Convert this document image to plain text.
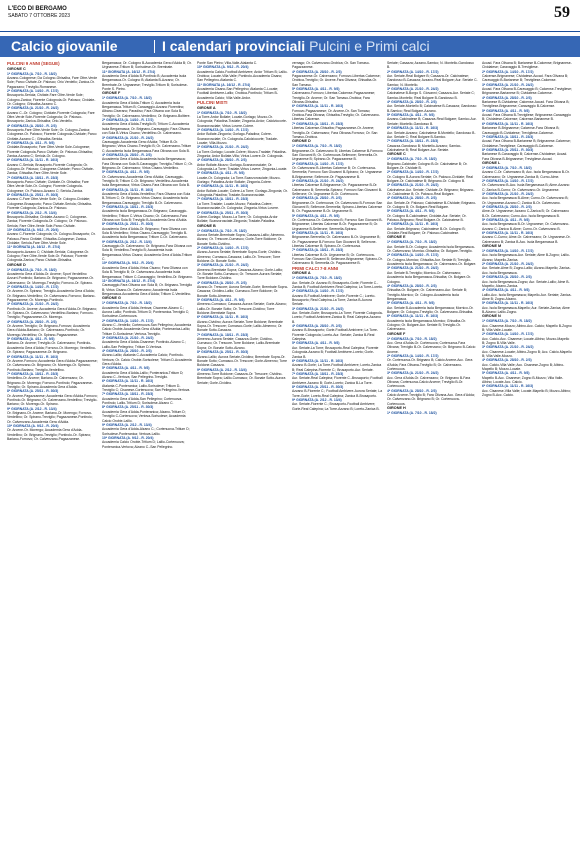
L'ECO DI BERGAMO
SABATO 7 OTTOBRE 2023	59
Calcio giovanile	I calendari provinciali Pulcini e Primi calci

PULCINI 9 ANNI (SEGUE)

GIRONE C

1ª GIORNATA (A. 7/10 - R. 18/2)

Azzano-Colognese; Da Cologno-Ghisalba, Fare Oltre-Verde Sole; Parco Civitate-Or. Palosco; Orio Verdello; Zanica-Or. Pagazzano; Treviglio-Romanese.

2ª GIORNATA (A. 14/10 - R. 17/2)

Brusaporto-Seriola; Civitate-Fare Oltre-Verde Sole; Cologno-Zanica; Fiorente Colognola-Or. Palosco; Cividate-Or. Cologno; Ghisalba-Azzano C.

3ª GIORNATA (A. 21/10 - R. 24/2)

Azzano C.-Or. Cologno; Cividate-Fiorente Colognola; Fare Oltre-Verde Sole-Fiorente Colognola; Or. Palosco-Brusaporto; Zanica-Ghisalba; Orio-Verdello.

4ª GIORNATA (A. 28/10 - R. 2/3)

Brusaporto-Fare Oltre-Verde Sole; Or. Cologno-Zanica; Colognese-Or. Palosco; Fiorente Colognola-Cividate; Parco Civitate-Azzano C.; Ghisalba-Seriola.

5ª GIORNATA (A. 4/11 - R. 9/3)

Cividate-Brusaporto; Fare Oltre-Verde Sole-Colognese; Fiorente Colognola-Parco Civitate; Or. Palosco-Ghisalba; Zanica-Azzano C; Seriola-Or. Cologno.

6ª GIORNATA (A. 11/11 - R. 16/3)

Azzano C-Seriola; Brusaporto-Fiorente Colognola; Or. Cologno-Or. Palosco; Colognese-Cividate; Parco Civitate-Zanica; Ghisalba-Fare Oltre-Verde Sole.

7ª GIORNATA (A. 18/11 - R. 23/3)

Brusaporto-Parco Civitate; Cividate-Or. Ghisalba; Fare Oltre-Verde Sole-Or. Cologno; Fiorente Colognola-Colognese; Or. Palosco-Azzano C; Seriola-Zanica.

8ª GIORNATA (A. 25/11 - R. 30/3)

Azzano C-Fare Oltre-Verde Sole; Or. Cologno-Cividate; Colognese-Brusaporto; Parco Civitate-Seriola; Ghisalba-Fiorente Colognola; Zanica-Or. Palosco.

9ª GIORNATA (A. 2/12 - R. 13/4)

Brusaporto-Ghisalba; Cividate-Azzano C; Colognese-Zanica; Fiorente Colognola-Or. Cologno; Or. Palosco-Seriola; Fare Oltre-Verde Sole-Parco Civitate.

10ª GIORNATA (A. 9/12 - R. 20/4)

Azzano C-Fiorente Colognola; Or. Cologno-Brusaporto; Or. Palosco-Parco Civitate; Ghisalba-Colognese; Zanica-Cividate; Seriola-Fare Oltre-Verde Sole.

11ª GIORNATA (A. 16/12 - R. 27/4)

Brusaporto-Azzano C; Cividate-Seriola; Colognese-Or. Cologno; Fare Oltre-Verde Sole-Or. Palosco; Fiorente Colognola-Zanica; Parco Civitate-Ghisalba.

GIRONE D

1ª GIORNATA (A. 7/10 - R. 18/2)

Accademia Gera d'Adda-Or. Arcene; Sport Verdellino Azzurri-Pontirolo; Bariano-Or. Brignano; Pagazzanese-Or. Calvenzano; Or. Morengo-Treviglio; Fornovo-Or. Spirano.

2ª GIORNATA (A. 14/10 - R. 17/2)

Or. Arcene-Or. Spirano; Treviglio-Accademia Gera d'Adda; Or. Brignano-Verdellino; Or. Calvenzano-Fornovo; Bariano-Pagazzanese; Or. Morengo-Pontirolo.

3ª GIORNATA (A. 21/10 - R. 24/2)

Pontirolo-Or. Arcene; Accademia Gera d'Adda-Or. Brignano; Or. Spirano-Or. Calvenzano; Verdellino-Bariano; Fornovo-Treviglio; Pagazzanese-Or. Morengo.

4ª GIORNATA (A. 28/10 - R. 2/3)

Or. Arcene-Treviglio; Or. Brignano-Fornovo; Accademia Gera d'Adda-Bariano; Or. Calvenzano-Pontirolo; Or. Morengo-Verdellino; Or. Spirano-Pagazzanese.

5ª GIORNATA (A. 4/11 - R. 9/3)

Bariano-Or. Arcene; Treviglio-Or. Calvenzano; Pontirolo-Accademia Gera d'Adda; Fornovo-Or. Morengo; Verdellino-Or. Spirano; Pagazzanese-Or. Brignano.

6ª GIORNATA (A. 11/11 - R. 16/3)

Or. Arcene-Fornovo; Accademia Gera d'Adda-Pagazzanese; Or. Calvenzano-Or. Brignano; Or. Morengo-Or. Spirano; Pontirolo-Bariano; Treviglio-Verdellino.

7ª GIORNATA (A. 18/11 - R. 23/3)

Verdellino-Or. Arcene; Bariano-Or. Calvenzano; Or. Brignano-Or. Morengo; Fornovo-Pontirolo; Pagazzanese-Treviglio; Or. Spirano-Accademia Gera d'Adda.

8ª GIORNATA (A. 25/11 - R. 30/3)

Or. Arcene-Pagazzanese; Accademia Gera d'Adda-Fornovo; Pontirolo-Or. Brignano; Or. Calvenzano-Verdellino; Treviglio-Bariano; Or. Morengo-Or. Spirano.

9ª GIORNATA (A. 2/12 - R. 13/4)

Or. Brignano-Or. Arcene; Bariano-Or. Morengo; Fornovo-Verdellino; Or. Spirano-Treviglio; Pagazzanese-Pontirolo; Or. Calvenzano-Accademia Gera d'Adda.

10ª GIORNATA (A. 9/12 - R. 20/4)

Or. Arcene-Or. Morengo; Accademia Gera d'Adda-Verdellino; Or. Brignano-Treviglio; Pontirolo-Or. Spirano; Bariano-Fornovo; Or. Calvenzano-Pagazzanese.

Bergamasca; Or. Cologno B-Accademia Gera d'Adda B; Or. Urgnanese-Tritium B; Sorisolese-Or. Brembate.

11ª GIORNATA (A. 16/12 - R. 27/4)

Accademia Gera d'Adda B-Pontirolo B; Accademia Isola Bergamasca-Or. Cologno B; Atalanta B-Azzano; Or. Brembate-Or. Urgnanese; Treviglio-Tritium B; Sorisolese-Ponte S. Pietro.

GIRONE F

1ª GIORNATA (A. 7/10 - R. 18/2)

Accademia Gera d'Adda-Tritium C; Accademia Isola Bergamasca-Tritium B; Caravaggio-Azzano Fiorentino; Albano-Ciserano; Paradiso; Fara Olivana con Sola B-Treviglio; Or. Calvenzano-Verdellino; Or. Brignano-Boltiere.

2ª GIORNATA (A. 14/10 - R. 17/2)

Accademia Gera d'Adda-Treviglio B; Tritium C-Accademia Isola Bergamasca; Or. Brignano-Caravaggio; Fara Olivana con Sola B-Virtus Cisano; Verdellino-Or. Calvenzano.

3ª GIORNATA (A. 21/10 - R. 24/2)

Caravaggio-Accademia Gera d'Adda; Tritium B-Or. Brignano; Virtus Cisano-Treviglio B; Or. Calvenzano-Tritium C; Accademia Isola Bergamasca-Fara Olivana con Sola B.

4ª GIORNATA (A. 28/10 - R. 2/3)

Accademia Gera d'Adda-Accademia Isola Bergamasca; Fara Olivana con Sola B-Caravaggio; Treviglio-Tritium C; Or. Brignano-Or. Calvenzano; Virtus Cisano-Verdellino.

5ª GIORNATA (A. 4/11 - R. 9/3)

Or. Calvenzano-Accademia Gera d'Adda; Caravaggio-Treviglio B; Tritium C-Or. Brignano; Verdellino-Accademia Isola Bergamasca; Virtus Cisano-Fara Olivana con Sola B.

6ª GIORNATA (A. 11/11 - R. 16/3)

Accademia Gera d'Adda-Verdellino; Fara Olivana con Sola B-Tritium C; Or. Brignano-Virtus Cisano; Accademia Isola Bergamasca-Caravaggio; Treviglio B-Or. Calvenzano.

7ª GIORNATA (A. 18/11 - R. 23/3)

Accademia Isola Bergamasca-Or. Brignano; Caravaggio-Verdellino; Tritium C-Virtus Cisano; Or. Calvenzano-Fara Olivana con Sola B; Treviglio B-Accademia Gera d'Adda.

8ª GIORNATA (A. 25/11 - R. 30/3)

Accademia Gera d'Adda-Or. Brignano; Fara Olivana con Sola B-Verdellino; Virtus Cisano-Caravaggio; Treviglio B-Accademia Isola Bergamasca; Tritium C-Or. Calvenzano.

9ª GIORNATA (A. 2/12 - R. 13/4)

Caravaggio-Or. Calvenzano; Or. Brignano-Fara Olivana con Sola B; Verdellino-Treviglio B; Accademia Isola Bergamasca-Virtus Cisano; Accademia Gera d'Adda-Tritium C.

10ª GIORNATA (A. 9/12 - R. 20/4)

Accademia Gera d'Adda-Virtus Cisano; Fara Olivana con Sola B-Treviglio B; Or. Calvenzano-Accademia Isola Bergamasca; Tritium C-Caravaggio; Verdellino-Or. Brignano.

11ª GIORNATA (A. 16/12 - R. 27/4)

Caravaggio-Fara Olivana con Sola B; Or. Brignano-Treviglio B; Virtus Cisano-Or. Calvenzano; Accademia Isola Bergamasca-Accademia Gera d'Adda; Tritium C-Verdellino.

GIRONE G

1ª GIORNATA (A. 7/10 - R. 18/2)

Accademia Gera d'Adda-Vertova; Cisanese-Alzano C.; Aurora Lallio; Pontirolo-Tritium D; Ponteranica-Treviglio C; Sorisolese-Cortenuova.

2ª GIORNATA (A. 14/10 - R. 17/2)

Alzano C.-Verdello; Cortenuova-San Pellegrino; Accademia Calcio Orobie-Accademia Gera d'Adda; Ponteranica-Lallio; Tritium D-Sorisolese; Vertova-Treviglio.

3ª GIORNATA (A. 21/10 - R. 24/2)

Accademia Gera d'Adda-Cisanese; Pontirolo-Alzano C.; Lallio-San Pellegrino; Tritium D-Vertova.

4ª GIORNATA (A. 28/10 - R. 2/3)

Alzano-Lallio; Atalanta C-Accademia Calcio; Pontirolo-Vertova; Or. Calcio Orobie-Sorisolese; Tritium D-Accademia Gera d'Adda.

5ª GIORNATA (A. 4/11 - R. 9/3)

Accademia Gera d'Adda-Lallio; Ponteranica-Tritium D; Alzano C.-Vertova; San Pellegrino-Treviglio.

6ª GIORNATA (A. 11/11 - R. 16/3)

Atalanta C-Ponteranica; Lallio-Sorisolese; Tritium D-Treviglio C; Cisanese-Cortenuova; San Pellegrino-Vertova.

7ª GIORNATA (A. 18/11 - R. 23/3)

Accademia Gera d'Adda-San Pellegrino; Cortenuova-Pontirolo; Lallio-Tritium D; Sorisolese-Alzano C.

8ª GIORNATA (A. 25/11 - R. 30/3)

Accademia Gera d'Adda-Ponteranica; Alzano-Tritium D; Treviglio C-Cortenuova; Vertova-Sorisolese; Accademia Calcio Orobie-Lallio.

9ª GIORNATA (A. 2/12 - R. 13/4)

Accademia Gera d'Adda-Alzano C.; Cortenuova-Tritium D; Sorisolese-Ponteranica; Vertova-Lallio.

10ª GIORNATA (A. 9/12 - R. 20/4)

Accademia Calcio Orobie-Tritium D; Lallio-Cortenuova; Ponteranica-Vertova; Alzano C.-San Pellegrino.

Ponte San Pietro; Villa-Valle-Atalanta C.

10ª GIORNATA (A. 9/12 - R. 20/4)

Accademia Calcio-Football Ambivere; Ardor Tritium B; Lallio-Orobica; Locate-Villa Valle; Pontirolo-Accademia Cisano; San Pellegrino-Atalanta C.

11ª GIORNATA (A. 16/12 - R. 27/4)

Accademia Cisano-San Pellegrino; Atalanta C-Locate; Football Ambivere-Lallio; Orobica-Pontirolo; Tritium B-Accademia Calcio; Villa Valle-Ardor.

PULCINI MISTI

GIRONE A

1ª GIORNATA (A. 7/10 - R. 18/2)

La Torre-Ardor Bollate; Locate-Gorlago; Mozzo-Or. Colognola; Paladina-Tradate; Zingonia-Ardor; Calolziocorte-Scanzorosciate; Virtus Lovere-Colere.

2ª GIORNATA (A. 14/10 - R. 17/2)

Ardor Bollate-Zingonia; Gorlago-Paladina; Colere-Scanzorosciate; Or. Colognola-Calolziocorte; Tradate-Locate; Villa-Mozzo.

3ª GIORNATA (A. 21/10 - R. 24/2)

La Torre-Gorlago; Locate-Colere; Mozzo-Tradate; Paladina-Zingonia; Ardor Bollate-Villa; Virtus Lovere-Or. Colognola.

4ª GIORNATA (A. 28/10 - R. 2/3)

Ardor Bollate-Mozzo; Gorlago-Scanzorosciate; Or. Colognola-La Torre; Tradate-Virtus Lovere; Zingonia-Locate.

5ª GIORNATA (A. 4/11 - R. 9/3)

Locate-Or. Colognola; La Torre-Scanzorosciate; Mozzo-Gorlago; Paladina-Ardor Bollate; Zingonia-Colere.

6ª GIORNATA (A. 11/11 - R. 16/3)

Ardor Bollate-Locate; Colere-La Torre; Gorlago-Zingonia; Or. Colognola-Paladina; Tradate-Scanzorosciate.

7ª GIORNATA (A. 18/11 - R. 23/3)

La Torre-Tradate; Locate-Mozzo; Paladina-Colere; Scanzorosciate-Or. Colognola; Zingonia-Virtus Lovere.

8ª GIORNATA (A. 25/11 - R. 30/3)

Colere-Gorlago; Mozzo-La Torre; Or. Colognola-Ardor Bollate; Scanzorosciate-Zingonia; Tradate-Paladina.

GIRONE B

1ª GIORNATA (A. 7/10 - R. 18/2)

Aurora Seriate-Brembate Sopra; Casazza-Lallio; Almenno-Alzano; Or. Trescore-Curnasco; Gorle-Torre Boldone; Or. Bonate Sotto-Cividino.

2ª GIORNATA (A. 14/10 - R. 17/2)

Alzano-Aurora Seriate; Brembate Sopra-Gorle; Cividino-Almenno; Curnasco-Casazza; Lallio-Or. Trescore; Torre Boldone-Or. Bonate Sotto.

3ª GIORNATA (A. 21/10 - R. 24/2)

Almenno-Brembate Sopra; Casazza-Alzano; Gorle-Lallio; Or. Bonate Sotto-Curnasco; Or. Trescore-Aurora Seriate; Torre Boldone-Cividino.

4ª GIORNATA (A. 28/10 - R. 2/3)

Alzano-Or. Trescore; Aurora Seriate-Gorle; Brembate Sopra-Casazza; Cividino-Lallio; Curnasco-Torre Boldone; Or. Bonate Sotto-Almenno.

5ª GIORNATA (A. 4/11 - R. 9/3)

Almenno-Curnasco; Casazza-Aurora Seriate; Gorle-Alzano; Lallio-Or. Bonate Sotto; Or. Trescore-Cividino; Torre Boldone-Brembate Sopra.

6ª GIORNATA (A. 11/11 - R. 16/3)

Alzano-Cividino; Aurora Seriate-Torre Boldone; Brembate Sopra-Or. Trescore; Curnasco-Gorle; Lallio-Almenno; Or. Bonate Sotto-Casazza.

7ª GIORNATA (A. 18/11 - R. 23/3)

Almenno-Aurora Seriate; Casazza-Gorle; Cividino-Curnasco; Or. Trescore-Torre Boldone; Lallio-Brembate Sopra; Or. Bonate Sotto-Alzano.

8ª GIORNATA (A. 25/11 - R. 30/3)

Alzano-Lallio; Aurora Seriate-Cividino; Brembate Sopra-Or. Bonate Sotto; Curnasco-Or. Trescore; Gorle-Almenno; Torre Boldone-Casazza.

9ª GIORNATA (A. 2/12 - R. 13/4)

Almenno-Torre Boldone; Casazza-Or. Trescore; Cividino-Brembate Sopra; Lallio-Curnasco; Or. Bonate Sotto-Aurora Seriate; Gorle-Cividino.

vernago; Or. Calvenzano-Orobica; Or. San Tomaso-Pagazzanese.

4ª GIORNATA (A. 28/10 - R. 2/3)

Pagazzanese-Or. Calvenzano; Fornovo-Libertas Calcense; Orobica-Treviglio; Or. Arcene-Fara Olivana; Ghisalba-Or. San Tomaso.

5ª GIORNATA (A. 4/11 - R. 9/3)

Calvenzano-Fornovo; Libertas Calcense-Pagazzanese; Treviglio-Or. Arcene; Or. San Tomaso-Orobica; Fara Olivana-Ghisalba.

6ª GIORNATA (A. 11/11 - R. 16/3)

Fornovo-Pagazzanese; Or. Arcene-Or. San Tomaso; Orobica-Fara Olivana; Ghisalba-Treviglio; Or. Calvenzano-Libertas Calcense.

7ª GIORNATA (A. 18/11 - R. 23/3)

Libertas Calcense-Ghisalba; Pagazzanese-Or. Arcene; Treviglio-Or. Calvenzano; Fara Olivana-Fornovo; Or. San Tomaso-Orobica.

GIRONE D

1ª GIORNATA (A. 7/10 - R. 18/2)

Brignanese-Or. Calvenzano B; Libertas Calcense B-Fornovo San Giovanni B; Or. Cortenuova-Sellerone; Serenella-Or. Urgnanese B; Spirano-Or. Pagazzanese B.

2ª GIORNATA (A. 14/10 - R. 17/2)

Or. Calvenzano B-Libertas Calcense B; Or. Cortenuova-Serenella; Fornovo San Giovanni B-Spirano; Or. Urgnanese B-Brignanese; Sellerone-Or. Pagazzanese B.

3ª GIORNATA (A. 21/10 - R. 24/2)

Libertas Calcense B-Brignanese; Or. Pagazzanese B-Or. Calvenzano B; Serenella-Spirano; Fornovo San Giovanni B-Sellerone; Or. Urgnanese B-Or. Cortenuova.

4ª GIORNATA (A. 28/10 - R. 2/3)

Brignanese-Or. Cortenuova; Or. Calvenzano B-Fornovo San Giovanni B; Sellerone-Serenella; Spirano-Libertas Calcense B; Or. Pagazzanese B-Or. Urgnanese B.

5ª GIORNATA (A. 4/11 - R. 9/3)

Or. Cortenuova-Or. Calvenzano B; Fornovo San Giovanni B-Brignanese; Libertas Calcense B-Or. Pagazzanese B; Or. Urgnanese B-Sellerone; Serenella-Spirano.

6ª GIORNATA (A. 11/11 - R. 16/3)

Brignanese-Serenella; Or. Calvenzano B-Or. Urgnanese B; Or. Pagazzanese B-Fornovo San Giovanni B; Sellerone-Libertas Calcense B; Spirano-Or. Cortenuova.

7ª GIORNATA (A. 18/11 - R. 23/3)

Libertas Calcense B-Or. Urgnanese B; Or. Cortenuova-Fornovo San Giovanni B; Sellerone-Brignanese; Spirano-Or. Calvenzano B; Serenella-Or. Pagazzanese B.

PRIMI CALCI 7-8 ANNI

GIRONE A

1ª GIORNATA (A. 7/10 - R. 18/2)

Aur. Seriate-Or. Azzano B; Brusaporto-Gorle; Fiorente C.-Zanica B; Football Ambivere-Real Calepina; La Torre-Loreto.

2ª GIORNATA (A. 14/10 - R. 17/2)

Azzano B-Football Ambivere; Gorle-Fiorente C.; Loreto-Brusaporto; Real Calepina-La Torre; Zanica B-Aurora Seriate.

3ª GIORNATA (A. 21/10 - R. 24/2)

Aur. Seriate-Gorle; Brusaporto-La Torre; Fiorente Colognola-Loreto; Football Ambivere-Zanica B; Real Calepina-Azzano B.

4ª GIORNATA (A. 28/10 - R. 2/3)

Azzano B-Brusaporto; Gorle-Football Ambivere; La Torre-Fiorente Colognola; Loreto-Aur. Seriate; Zanica B-Real Calepina.

5ª GIORNATA (A. 4/11 - R. 9/3)

Aur. Seriate-La Torre; Brusaporto-Real Calepina; Fiorente Colognola-Azzano B; Football Ambivere-Loreto; Gorle-Zanica B.

6ª GIORNATA (A. 11/11 - R. 16/3)

Azzano B-Gorle; La Torre-Football Ambivere; Loreto-Zanica B; Real Calepina-Fiorente C.; Brusaporto-Aur. Seriate.

7ª GIORNATA (A. 18/11 - R. 23/3)

Aur. Seriate-Real Calepina; Fiorente C.-Brusaporto; Football Ambivere-Azzano B; Gorle-Loreto; Zanica B-La Torre.

8ª GIORNATA (A. 25/11 - R. 30/3)

Azzano B-Fiorente C.; Football Ambivere-Aurora Seriate; La Torre-Gorle; Loreto-Real Calepina; Zanica B-Brusaporto.

9ª GIORNATA (A. 2/12 - R. 13/4)

Aur. Seriate-Fiorente C.; Brusaporto-Football Ambivere; Gorle-Real Calepina; La Torre-Azzano B; Loreto-Zanica B.

Seriate; Casazza; Azzano-Samico; N. Montello-Gandosso B.

2ª GIORNATA (A. 14/10 - R. 17/2)

Aur. Seriate-Real Bolgare B; Casazza-Or. Calcinatese; Gandosso B-Casazza; Azzano-Real Bolgare; Aur. Seriate C-Samico; N. Montello.

3ª GIORNATA (A. 21/10 - R. 24/2)

Calcinatese B-Borgo S. Giovanni; Casazza-Aur. Seriate C; Samico-Montello; Real Bolgare B-Gandosso B.

4ª GIORNATA (A. 28/10 - R. 2/3)

Aur. Seriate-Montello B; Calcinatese B-Casazza; Gandosso B-Samico; Real Bolgare-Azzano.

5ª GIORNATA (A. 4/11 - R. 9/3)

Azzano-Calcinatese B; Casazza-Real Bolgare; Samico-Aur. Seriate; Montello-Gandosso B.

6ª GIORNATA (A. 11/11 - R. 16/3)

Aur. Seriate-Azzano; Calcinatese B-Montello; Gandosso B-Aur. Seriate C; Real Bolgare B-Samico.

7ª GIORNATA (A. 18/11 - R. 23/3)

Casazza-Gandosso B; Montello-Azzano; Samico-Calcinatese B; Real Bolgare-Aur. Seriate.

GIRONE C

1ª GIORNATA (A. 7/10 - R. 18/2)

Brignano-Calcinate; Cologno B-Or. Calcinatese B; Or. Bolgare-Or. Cividate B.

2ª GIORNATA (A. 14/10 - R. 17/2)

Or. Cologno B-Aurora Seriate; Or. Palosco-Cividate; Real Bolgare-Or. Calcinatese B; Brignano-Or. Cologno B.

3ª GIORNATA (A. 21/10 - R. 24/2)

Calcinatese-Aur. Seriate; Cividate-Or. Brignano; Brignano-Or. Calcinatese B; Or. Palosco-Real Bolgare.

4ª GIORNATA (A. 28/10 - R. 2/3)

Aur. Seriate-Or. Palosco; Calcinatese B-Cividate; Brignano-Or. Cologno B; Or. Bolgare-Real Bolgare.

5ª GIORNATA (A. 4/11 - R. 9/3)

Or. Cologno B-Calcinatese; Cividate-Aur. Seriate; Or. Palosco-Brignano; Real Bolgare-Or. Calcinatese B.

6ª GIORNATA (A. 11/11 - R. 16/3)

Aur. Seriate-Brignano; Calcinatese B-Or. Cologno B; Cividate-Real Bolgare; Or. Palosco-Calcinatese.

GIRONE E

1ª GIORNATA (A. 7/10 - R. 18/2)

Aur. Seriate B-Or. Cologno; Accademia Isola Bergamasca-Or. Calvenzano; Mornico-Ghisalba; Or. Bolgare-Treviglio.

2ª GIORNATA (A. 14/10 - R. 17/2)

Or. Cologno-Mornico; Ghisalba-Aur. Seriate B; Treviglio-Accademia Isola Bergamasca; Or. Calvenzano-Or. Bolgare.

3ª GIORNATA (A. 21/10 - R. 24/2)

Aur. Seriate B-Treviglio; Mornico-Or. Calvenzano; Accademia Isola Bergamasca-Ghisalba; Or. Bolgare-Or. Cologno.

4ª GIORNATA (A. 28/10 - R. 2/3)

Ghisalba-Or. Bolgare; Or. Calvenzano-Aur. Seriate B; Treviglio-Mornico; Or. Cologno-Accademia Isola Bergamasca.

5ª GIORNATA (A. 4/11 - R. 9/3)

Aur. Seriate B-Accademia Isola Bergamasca; Mornico-Or. Bolgare; Or. Cologno-Treviglio; Or. Calvenzano-Ghisalba.

6ª GIORNATA (A. 11/11 - R. 16/3)

Accademia Isola Bergamasca-Mornico; Ghisalba-Or. Cologno; Or. Bolgare-Aur. Seriate B; Treviglio-Or. Calvenzano.

GIRONE F

1ª GIORNATA (A. 7/10 - R. 18/2)

Acc. Gera d'Adda-Or. Cortenuova; Cortenuova-Fara Olivana; Treviglio B-Or. Calvenzano; Or. Brignano B-Calcio Arcene.

2ª GIORNATA (A. 14/10 - R. 17/2)

Or. Cortenuova-Or. Brignano B; Calcio Arcene-Acc. Gera d'Adda; Fara Olivana-Treviglio B; Or. Calvenzano-Cortenuova.

3ª GIORNATA (A. 21/10 - R. 24/2)

Acc. Gera d'Adda-Or. Calvenzano; Or. Brignano B-Fara Olivana; Cortenuova-Calcio Arcene; Treviglio B-Or. Cortenuova.

4ª GIORNATA (A. 28/10 - R. 2/3)

Calcio Arcene-Treviglio B; Fara Olivana-Acc. Gera d'Adda; Or. Calvenzano-Or. Brignano B; Or. Cortenuova-Cortenuova.

GIRONE H

1ª GIORNATA (A. 7/10 - R. 18/2)

Accad. Fara Olivana B; Barianese B-Calcense; Brignanese-Cividatese; Caravaggio B-Trevigliese.

2ª GIORNATA (A. 14/10 - R. 17/2)

Calcense-Brignanese; Cividatese-Accad. Fara Olivana B; Caravaggio B-Barianese B; Trevigliese-Calcense.

3ª GIORNATA (A. 21/10 - R. 24/2)

Accad. Fara Olivana B-Caravaggio B; Calcense-Trevigliese; Brignanese-Barianese B; Cividatese-Calcense.

4ª GIORNATA (A. 28/10 - R. 2/3)

Barianese B-Cividatese; Calcense-Accad. Fara Olivana B; Trevigliese-Brignanese; Caravaggio B-Calcense.

5ª GIORNATA (A. 4/11 - R. 9/3)

Accad. Fara Olivana B-Trevigliese; Brignanese-Caravaggio B; Cividatese-Calcense; Calcense-Barianese B.

6ª GIORNATA (A. 11/11 - R. 16/3)

Barianese B-Brignanese; Calcense-Fara Olivana B; Caravaggio B-Cividatese; Trevigliese-Calcense.

7ª GIORNATA (A. 18/11 - R. 23/3)

Accad. Fara Olivana B-Barianese B; Brignanese-Calcense; Cividatese-Trevigliese; Caravaggio B-Calcense.

8ª GIORNATA (A. 25/11 - R. 30/3)

Barianese B-Caravaggio B; Calcense-Cividatese; Accad. Fara Olivana B-Brignanese; Trevigliese-Accad.

GIRONE L

1ª GIORNATA (A. 7/10 - R. 18/2)

Azzano C-Or. Calvenzano B; Acc. Isola Bergamasca B-Or. Calvenzano; Or. Urgnanese-Zanica B; Curno-Alme.

2ª GIORNATA (A. 14/10 - R. 17/2)

Or. Calvenzano B-Acc. Isola Bergamasca B; Alme-Azzano C; Zanica B-Curno; Or. Calvenzano-Or. Urgnanese.

3ª GIORNATA (A. 21/10 - R. 24/2)

Acc. Isola Bergamasca B-Alme; Curno-Or. Calvenzano B; Or. Urgnanese-Azzano C; Zanica B-Or. Calvenzano.

4ª GIORNATA (A. 28/10 - R. 2/3)

Alme-Or. Urgnanese; Azzano C-Zanica B; Or. Calvenzano B-Or. Calvenzano; Curno-Acc. Isola Bergamasca B.

5ª GIORNATA (A. 4/11 - R. 9/3)

Acc. Isola Bergamasca B-Or. Urgnanese; Or. Calvenzano-Azzano C; Zanica B-Alme; Curno-Or. Calvenzano B.

6ª GIORNATA (A. 11/11 - R. 16/3)

Azzano C-Curno; Alme-Or. Calvenzano; Or. Urgnanese-Or. Calvenzano B; Zanica B-Acc. Isola Bergamasca B.

GIRONE M

1ª GIORNATA (A. 14/10 - R. 17/2)

Acc. Isola Bergamasca-Aur. Seriate; Alme B-Zogno; Lallio-Alzano; Mapello-Zanica.

2ª GIORNATA (A. 21/10 - R. 24/2)

Aur. Seriate-Alme B; Zogno-Lallio; Alzano-Mapello; Zanica-Acc. Isola Bergamasca.

3ª GIORNATA (A. 28/10 - R. 2/3)

Acc. Isola Bergamasca-Zogno; Aur. Seriate-Lallio; Alme B-Mapello; Alzano-Zanica.

4ª GIORNATA (A. 4/11 - R. 9/3)

Lallio-Acc. Isola Bergamasca; Mapello-Aur. Seriate; Zanica-Alme B; Zogno-Alzano.

5ª GIORNATA (A. 11/11 - R. 16/3)

Acc. Isola Bergamasca-Mapello; Aur. Seriate-Zanica; Alme B-Alzano; Lallio-Zogno.

GIRONE N

1ª GIORNATA (A. 7/10 - R. 18/2)

Acc. Cisanese-Mozzo; Albino-Acc. Calcio; Mapello B-Zogno B; Villa Valle-Locate.

2ª GIORNATA (A. 14/10 - R. 17/2)

Acc. Calcio-Acc. Cisanese; Locate-Albino; Mozzo-Mapello B; Zogno B-Villa Valle.

3ª GIORNATA (A. 21/10 - R. 24/2)

Acc. Cisanese-Locate; Albino-Zogno B; Acc. Calcio-Mapello B; Villa Valle-Mozzo.

4ª GIORNATA (A. 28/10 - R. 2/3)

Acc. Calcio-Villa Valle; Acc. Cisanese-Zogno B; Albino-Mapello B; Mozzo-Locate.

5ª GIORNATA (A. 4/11 - R. 9/3)

Mapello B-Acc. Cisanese; Zogno B-Mozzo; Villa Valle-Albino; Locate-Acc. Calcio.

6ª GIORNATA (A. 11/11 - R. 16/3)

Acc. Cisanese-Villa Valle; Locate-Mapello B; Mozzo-Albino; Zogno B-Acc. Calcio.
